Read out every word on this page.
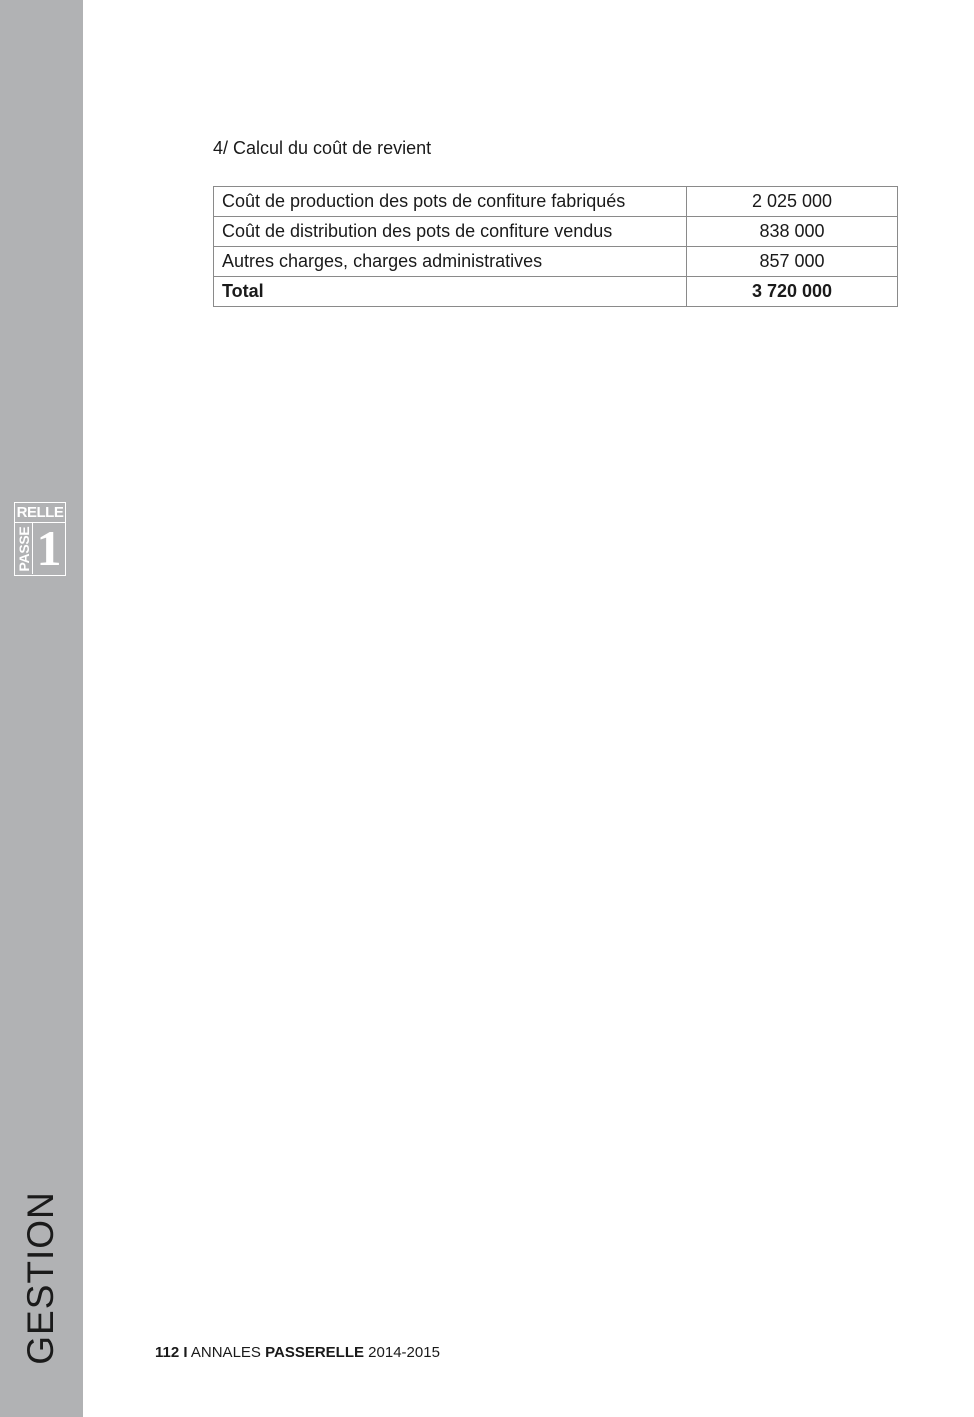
RELLE
PASSE 1
GESTION
4/ Calcul du coût de revient
Coût de production des pots de confiture fabriqués	2 025 000
Coût de distribution des pots de confiture vendus	838 000
Autres charges, charges administratives	857 000
Total	3 720 000
112 I ANNALES PASSERELLE 2014-2015
